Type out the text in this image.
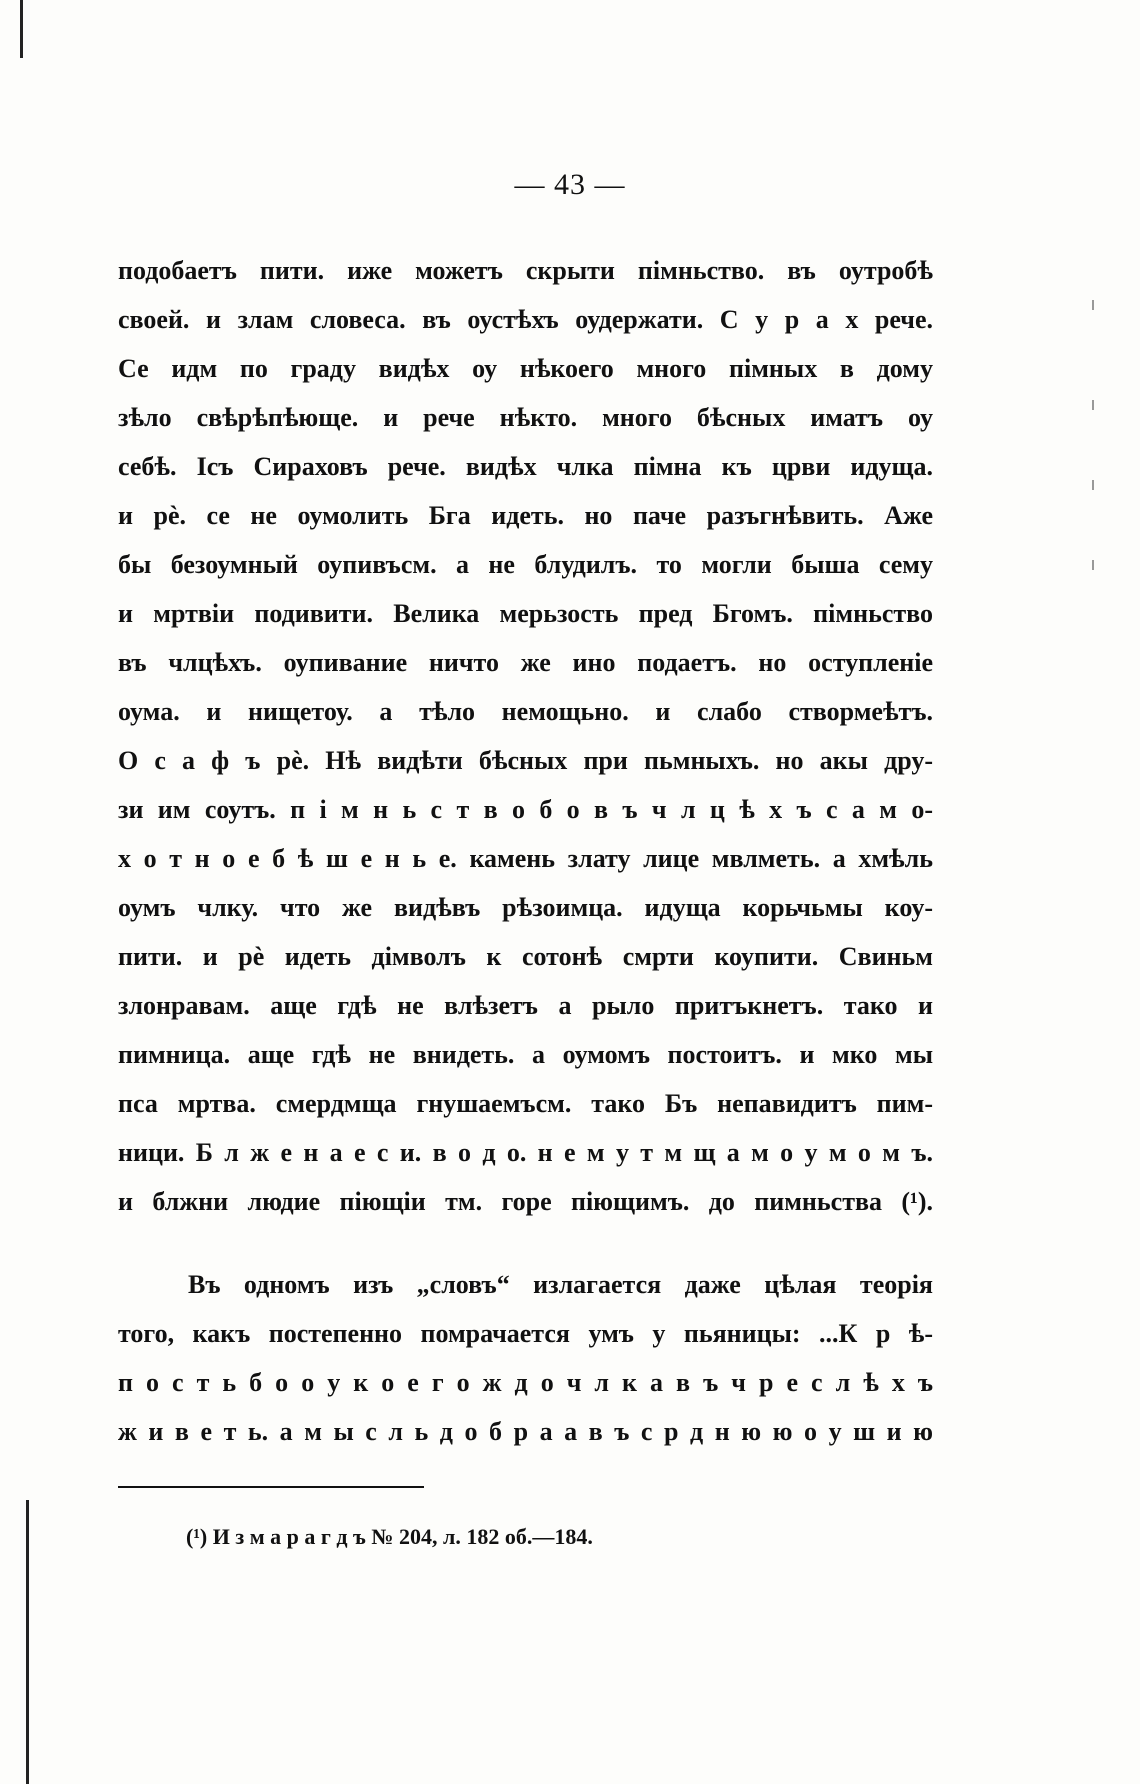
— 43 —
подобаетъ пити. иже можетъ скрыти пiмньство. въ оутробѣ
своей. и злам словеса. въ оустѣхъ оудержати. С у р а х рече.
Се идм по граду видѣх оу нѣкоего много пiмных в дому
зѣло свѣрѣпѣюще. и рече нѣкто. много бѣсных иматъ оу
себѣ. Iсъ Сираховъ рече. видѣх члка пiмна къ црви идуща.
и рѐ. се не оумолить Бга идеть. но паче разъгнѣвить. Аже
бы безоумный оупивъсм. а не блудилъ. то могли быша сему
и мртвiи подивити. Велика мерьзость пред Бгомъ. пiмньство
въ члцѣхъ. оупивание ничто же ино подаетъ. но оступленiе
оума. и нищетоу. а тѣло немощьно. и слабо створмеѣтъ.
О с а ф ъ рѐ. Нѣ видѣти бѣсных при пьмныхъ. но акы дру-
зи им соутъ. п i м н ь с т в о б о в ъ ч л ц ѣ х ъ с а м о-
х о т н о е б ѣ ш е н ь е. камень злату лице мвлметь. а хмѣль
оумъ члку. что же видѣвъ рѣзоимца. идуща корьчьмы коу-
пити. и рѐ идеть дiмволъ к сотонѣ смрти коупити. Свиньм
злонравам. аще гдѣ не влѣзетъ а рыло притъкнетъ. тако и
пимница. аще гдѣ не внидеть. а оумомъ постоитъ. и мко мы
пса мртва. смердмща гнушаемъсм. тако Бъ непавидитъ пим-
ници. Б л ж е н а е с и. в о д о. н е м у т м щ а м о у м о м ъ.
и блжни людие пiющiи тм. горе пiющимъ. до пимньства (¹).
Въ одномъ изъ „словъ“ излагается даже цѣлая теорiя
того, какъ постепенно помрачается умъ у пьяницы: ...К р ѣ-
п о с т ь б о о у к о е г о ж д о ч л к а в ъ ч р е с л ѣ х ъ
ж и в е т ь. а м ы с л ь д о б р а а в ъ с р д н ю ю о у ш и ю
(¹) И з м а р а г д ъ № 204, л. 182 об.—184.
